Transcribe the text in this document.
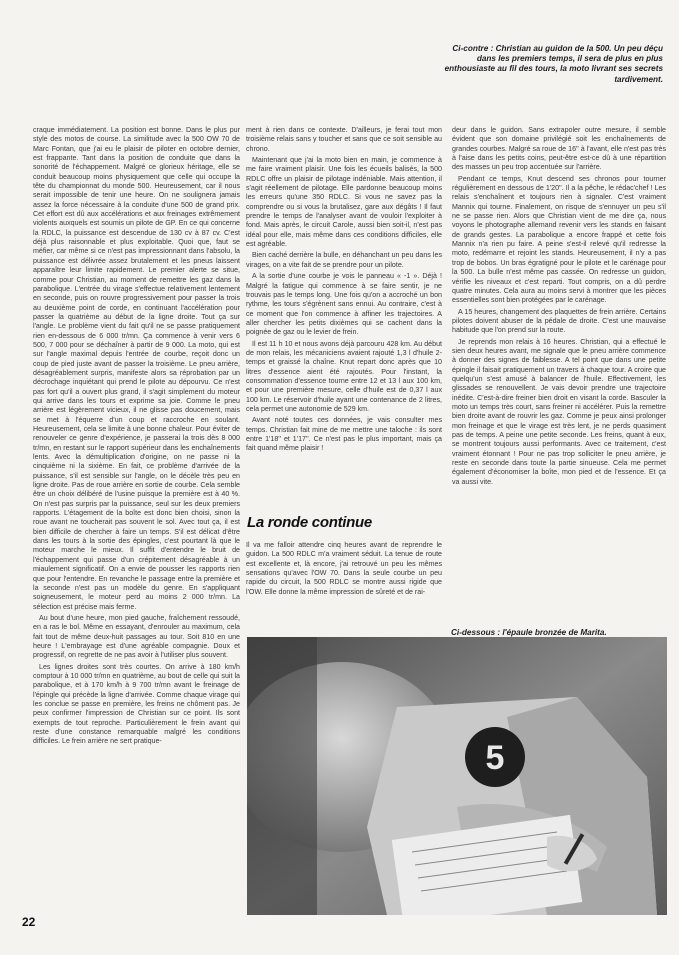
Ci-contre : Christian au guidon de la 500. Un peu déçu dans les premiers temps, il sera de plus en plus enthousiaste au fil des tours, la moto livrant ses secrets tardivement.

craque immédiatement. La position est bonne. Dans le plus pur style des motos de course. La similitude avec la 500 OW 70 de Marc Fontan, que j'ai eu le plaisir de piloter en octobre dernier, est frappante. Tant dans la position de conduite que dans la sonorité de l'échappement. Malgré ce glorieux héritage, elle se conduit beaucoup moins physiquement que celle qui occupe la tête du championnat du monde 500. Heureusement, car il nous serait impossible de tenir une heure. On ne soulignera jamais assez la force nécessaire à la conduite d'une 500 de grand prix. Cet effort est dû aux accélérations et aux freinages extrêmement violents auxquels est soumis un pilote de GP. En ce qui concerne la RDLC, la puissance est descendue de 130 cv à 87 cv. C'est déjà plus raisonnable et plus exploitable. Quoi que, faut se méfier, car même si ce n'est pas impressionnant dans l'absolu, la puissance est délivrée assez brutalement et les pneus laissent apparaître leur limite rapidement. Le premier alerte se situe, comme pour Christian, au moment de remettre les gaz dans la parabolique. L'entrée du virage s'effectue relativement lentement en seconde, puis on rouvre progressivement pour passer la trois au deuxième point de corde, en continuant l'accélération pour passer la quatrième au début de la ligne droite. Tout ça sur l'angle. Le problème vient du fait qu'il ne se passe pratiquement rien en-dessous de 6 000 tr/mn. Ça commence à venir vers 6 500, 7 000 pour se déchaîner à partir de 9 000. La moto, qui est sur l'angle maximal depuis l'entrée de courbe, reçoit donc un coup de pied juste avant de passer la troisième. Le pneu arrière, désagréablement surpris, manifeste alors sa réprobation par un décrochage inquiétant qui prend le pilote au dépourvu. Ce n'est pas fort qu'il a ouvert plus grand, il s'agit simplement du moteur qui arrive dans les tours et exprime sa joie. Comme le pneu arrière est légèrement vicieux, il ne glisse pas doucement, mais se met à l'équerre d'un coup et raccroche en soulant. Heureusement, cela se limite à une bonne chaleur. Pour éviter de renouveler ce genre d'expérience, je passerai la trois dès 8 000 tr/mn, en restant sur le rapport supérieur dans les enchaînements lents. Avec la démultiplication d'origine, on ne passe ni la cinquième ni la sixième. En fait, ce problème d'arrivée de la puissance, s'il est sensible sur l'angle, on le décèle très peu en ligne droite. Pas de roue arrière en sortie de courbe. Cela semble être un choix délibéré de l'usine puisque la première est à 40 %. On n'est pas surpris par la puissance, seul sur les deux premiers rapports. L'étagement de la boîte est donc bien choisi, sinon la roue avant ne toucherait pas souvent le sol. Avec tout ça, il est bien difficile de chercher à faire un temps. S'il est délicat d'être dans les tours à la sortie des épingles, c'est pourtant là que le moteur marche le mieux. Il suffit d'entendre le bruit de l'échappement qui passe d'un crépitement désagréable à un miaulement significatif. On a envie de pousser les rapports rien que pour l'entendre. En revanche le passage entre la première et la seconde n'est pas un modèle du genre. En s'appliquant soigneusement, le moteur perd au moins 2 000 tr/mn. La sélection est précise mais ferme.

Au bout d'une heure, mon pied gauche, fraîchement ressoudé, en a ras le bol. Même en essayant, d'enrouler au maximum, cela fait tout de même deux-huit passages au tour. Soit 810 en une heure ! L'embrayage est d'une agréable compagnie. Doux et progressif, on regrette de ne pas avoir à l'utiliser plus souvent.

Les lignes droites sont très courtes. On arrive à 180 km/h comptour à 10 000 tr/mn en quatrième, au bout de celle qui suit la parabolique, et à 170 km/h à 9 700 tr/mn avant le freinage de l'épingle qui précède la ligne d'arrivée. Comme chaque virage qui les conclue se passe en première, les freins ne chôment pas. Je peux confirmer l'impression de Christian sur ce point. Ils sont exempts de tout reproche. Particulièrement le frein avant qui reste d'une constance remarquable malgré les conditions difficiles. Le frein arrière ne sert pratique-

ment à rien dans ce contexte. D'ailleurs, je ferai tout mon troisième relais sans y toucher et sans que ce soit sensible au chrono.

Maintenant que j'ai la moto bien en main, je commence à me faire vraiment plaisir. Une fois les écueils balisés, la 500 RDLC offre un plaisir de pilotage indéniable. Mais attention, il s'agit réellement de pilotage. Elle pardonne beaucoup moins les erreurs qu'une 350 RDLC. Si vous ne savez pas la comprendre ou si vous la brutalisez, gare aux dégâts ! Il faut prendre le temps de l'analyser avant de vouloir l'exploiter à fond. Mais après, le circuit Carole, aussi bien soit-il, n'est pas idéal pour elle, mais même dans ces conditions difficiles, elle est agréable.

Bien caché derrière la bulle, en déhanchant un peu dans les virages, on a vite fait de se prendre pour un pilote.

A la sortie d'une courbe je vois le panneau « -1 ». Déjà ! Malgré la fatigue qui commence à se faire sentir, je ne trouvais pas le temps long. Une fois qu'on a accroché un bon rythme, les tours s'égrènent sans ennui. Au contraire, c'est à ce moment que l'on commence à affiner les trajectoires. A aller chercher les petits dixièmes qui se cachent dans la poignée de gaz ou le levier de frein.

Il est 11 h 10 et nous avons déjà parcouru 428 km. Au début de mon relais, les mécaniciens avaient rajouté 1,3 l d'huile 2-temps et graissé la chaîne. Knut repart donc après que 10 litres d'essence aient été rajoutés. Pour l'instant, la consommation d'essence tourne entre 12 et 13 l aux 100 km, et pour une première mesure, celle d'huile est de 0,37 l aux 100 km. Le réservoir d'huile ayant une contenance de 2 litres, cela permet une autonomie de 529 km.

Avant noté toutes ces données, je vais consulter mes temps. Christian fait mine de me mettre une taloche : ils sont entre 1'18'' et 1'17''. Ce n'est pas le plus important, mais ça fait quand même plaisir !

La ronde continue

Il va me falloir attendre cinq heures avant de reprendre le guidon. La 500 RDLC m'a vraiment séduit. La tenue de route est excellente et, là encore, j'ai retrouvé un peu les mêmes sensations qu'avec l'OW 70. Dans la seule courbe un peu rapide du circuit, la 500 RDLC se montre aussi rigide que l'OW. Elle donne la même impression de sûreté et de rai-

deur dans le guidon. Sans extrapoler outre mesure, il semble évident que son domaine privilégié soit les enchaînements de grandes courbes. Malgré sa roue de 16'' à l'avant, elle n'est pas très à l'aise dans les petits coins, peut-être est-ce dû à une répartition des masses un peu trop accentuée sur l'arrière.

Pendant ce temps, Knut descend ses chronos pour tourner régulièrement en dessous de 1'20''. Il a la pêche, le rédac'chef ! Les relais s'enchaînent et toujours rien à signaler. C'est vraiment Mannix qui tourne. Finalement, on risque de s'ennuyer un peu s'il ne se passe rien. Alors que Christian vient de me dire ça, nous voyons le photographe allemand revenir vers les stands en faisant de grands gestes. La parabolique a encore frappé et cette fois Mannix n'a rien pu faire. A peine s'est-il relevé qu'il redresse la moto, redémarre et rejoint les stands. Heureusement, il n'y a pas trop de bobos. Un bras égratigné pour le pilote et le carénage pour la 500. La bulle n'est même pas cassée. On redresse un guidon, vérifie les niveaux et c'est reparti. Tout compris, on a dû perdre quatre minutes. Cela aura au moins servi à montrer que les pièces essentielles sont bien protégées par le carénage.

A 15 heures, changement des plaquettes de frein arrière. Certains pilotes doivent abuser de la pédale de droite. C'est une mauvaise habitude que l'on prend sur la route.

Je reprends mon relais à 16 heures. Christian, qui a effectué le sien deux heures avant, me signale que le pneu arrière commence à donner des signes de faiblesse. A tel point que dans une petite épingle il faisait pratiquement un travers à chaque tour. A croire que quelqu'un s'est amusé à balancer de l'huile. Effectivement, les glissades se renouvellent. Je vais devoir prendre une trajectoire inédite. C'est-à-dire freiner bien droit en visant la corde. Basculer la moto un temps très court, sans freiner ni accélérer. Puis la remettre bien droite avant de rouvrir les gaz. Comme je peux ainsi prolonger mon freinage et que le virage est très lent, je ne perds quasiment pas de temps. A peine une petite seconde. Les freins, quant à eux, se montrent toujours aussi performants. Avec ce traitement, c'est vraiment étonnant ! Pour ne pas trop solliciter le pneu arrière, je reste en seconde dans toute la partie sinueuse. Cela me permet également d'économiser la boîte, mon pied et de l'essence. Et ça va aussi vite.

Ci-dessous : l'épaule bronzée de Marita.
5
22
